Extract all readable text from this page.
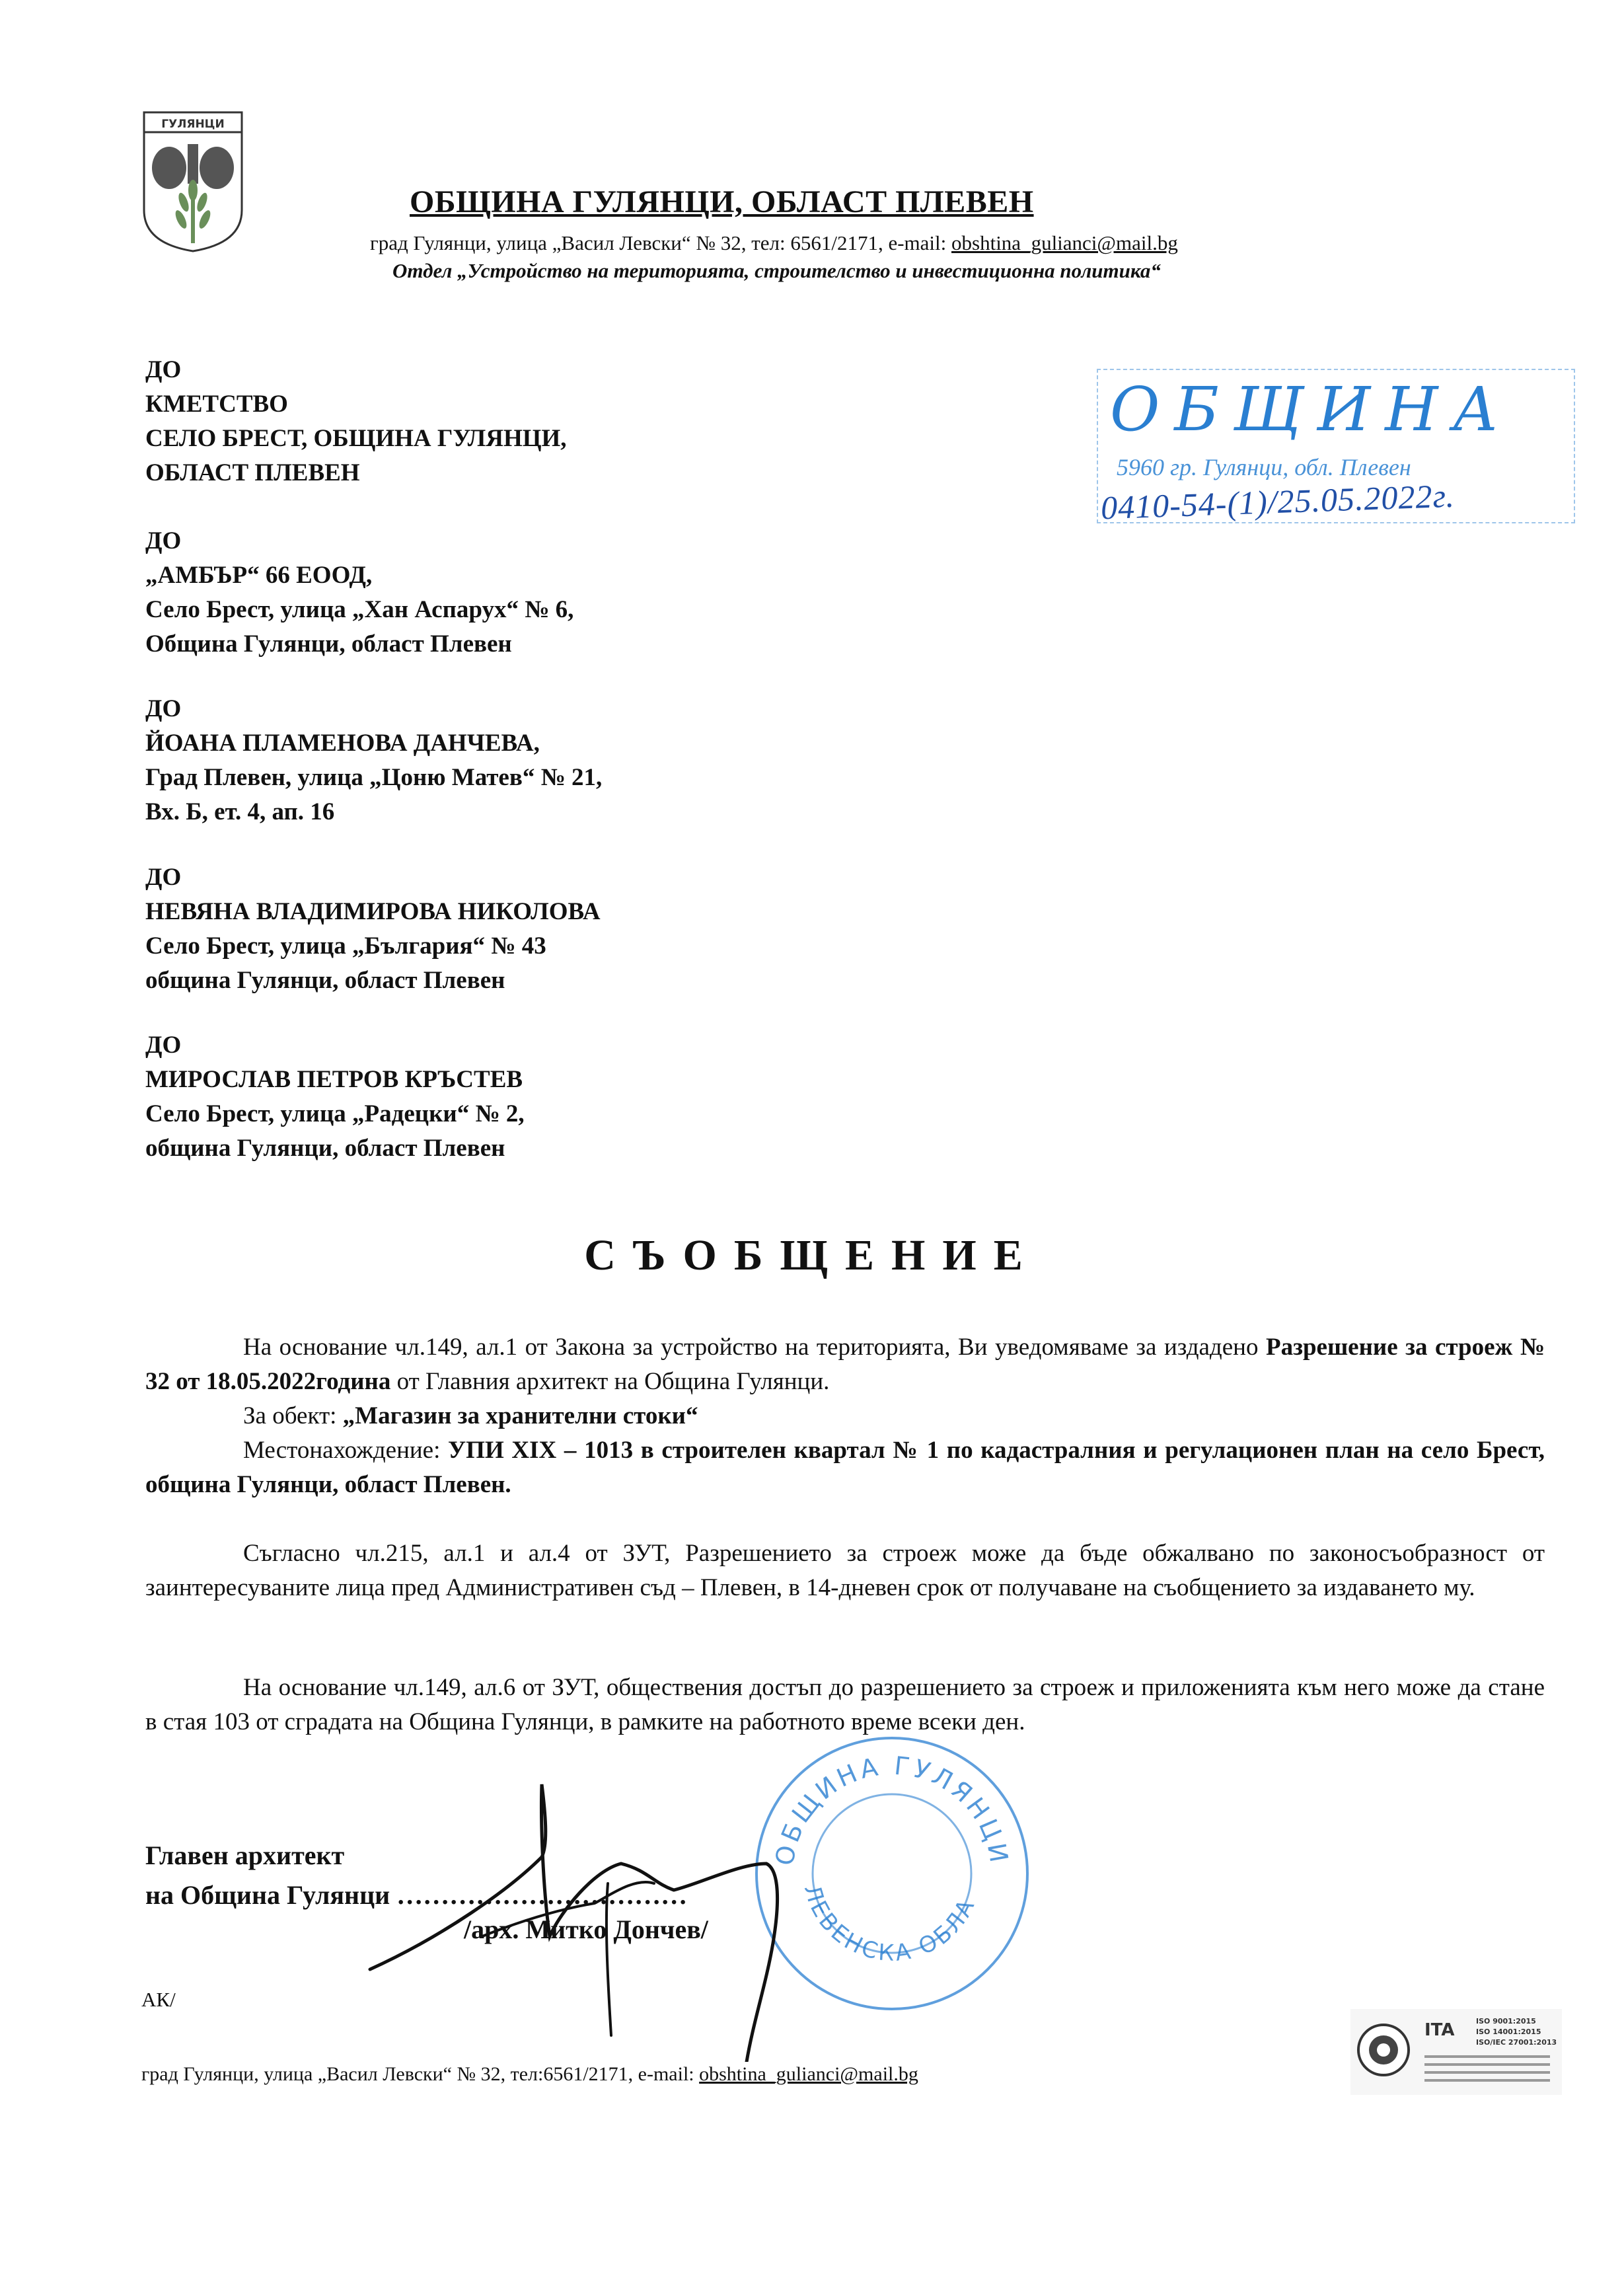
ГУЛЯНЦИ
ОБЩИНА ГУЛЯНЦИ, ОБЛАСТ ПЛЕВЕН
град Гулянци, улица „Васил Левски“ № 32, тел: 6561/2171, e-mail: obshtina_gulianci@mail.bg
Отдел „Устройство на територията, строителство и инвестиционна политика“
ОБЩИНА
5960 гр. Гулянци, обл. Плевен
0410-54-(1)/25.05.2022г.
ДО
КМЕТСТВО
СЕЛО БРЕСТ, ОБЩИНА ГУЛЯНЦИ,
ОБЛАСТ ПЛЕВЕН
ДО
„АМБЪР“ 66 ЕООД,
Село Брест, улица „Хан Аспарух“ № 6,
Община Гулянци, област Плевен
ДО
ЙОАНА ПЛАМЕНОВА ДАНЧЕВА,
Град Плевен, улица „Цоню Матев“ № 21,
Вх. Б, ет. 4, ап. 16
ДО
НЕВЯНА ВЛАДИМИРОВА НИКОЛОВА
Село Брест, улица „България“ № 43
община Гулянци, област Плевен
ДО
МИРОСЛАВ ПЕТРОВ КРЪСТЕВ
Село Брест, улица „Радецки“ № 2,
община Гулянци, област Плевен
СЪОБЩЕНИЕ
На основание чл.149, ал.1 от Закона за устройство на територията, Ви уведомяваме за издадено Разрешение за строеж № 32 от 18.05.2022година от Главния архитект на Община Гулянци.
За обект: „Магазин за хранителни стоки“
Местонахождение: УПИ XIX – 1013 в строителен квартал № 1 по кадастралния и регулационен план на село Брест, община Гулянци, област Плевен.
Съгласно чл.215, ал.1 и ал.4 от ЗУТ, Разрешението за строеж може да бъде обжалвано по законосъобразност от заинтересуваните лица пред Административен съд – Плевен, в 14-дневен срок от получаване на съобщението за издаването му.
На основание чл.149, ал.6 от ЗУТ, обществения достъп до разрешението за строеж и приложенията към него може да стане в стая 103 от сградата на Община Гулянци, в рамките на работното време всеки ден.
ОБЩИНА ГУЛЯНЦИ
ЛЕВЕНСКА ОБЛА
Главен архитект
на Община Гулянци ……………………………
/арх. Митко Дончев/
АК/
ITA	ISO 9001:2015
ISO 14001:2015
ISO/IEC 27001:2013
град Гулянци, улица „Васил Левски“ № 32, тел:6561/2171, e-mail: obshtina_gulianci@mail.bg
